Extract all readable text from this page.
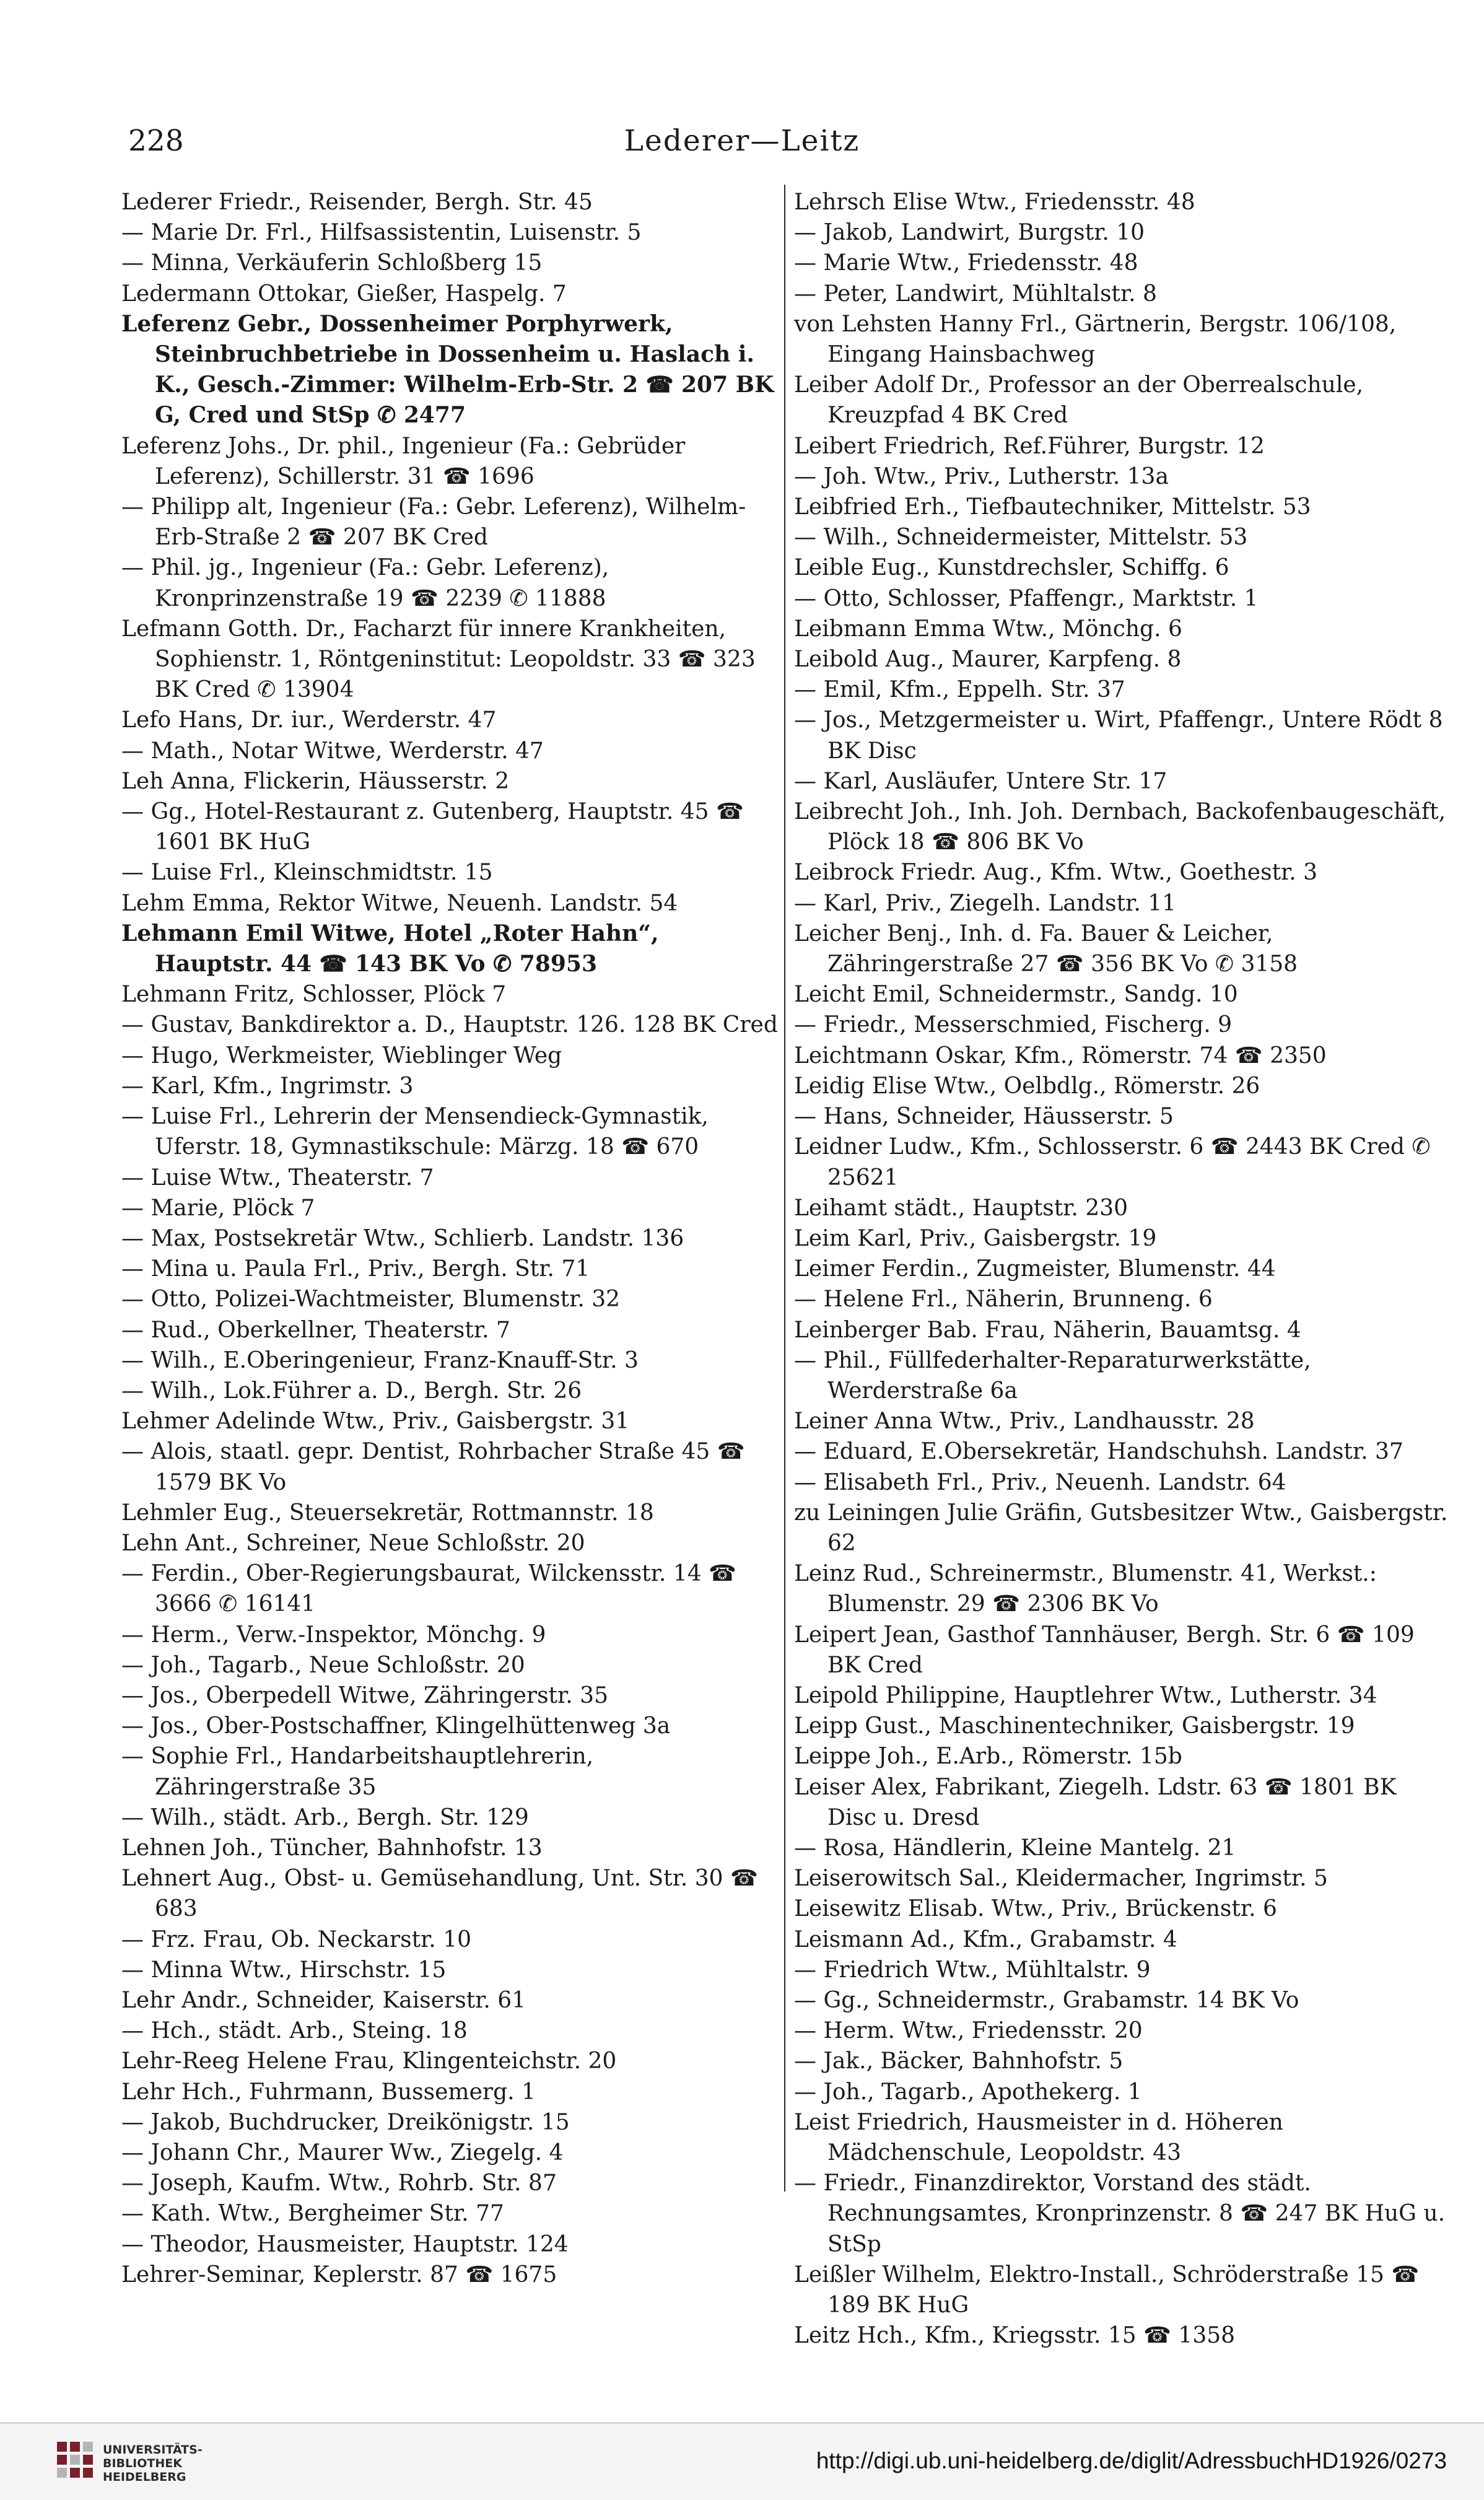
228	Lederer—Leitz

Lederer Friedr., Reisender, Bergh. Str. 45

— Marie Dr. Frl., Hilfsassistentin, Luisenstr. 5

— Minna, Verkäuferin Schloßberg 15

Ledermann Ottokar, Gießer, Haspelg. 7

Leferenz Gebr., Dossenheimer Porphyrwerk, Steinbruchbetriebe in Dossenheim u. Haslach i. K., Gesch.-Zimmer: Wilhelm-Erb-Str. 2 ☎ 207 BK G, Cred und StSp ✆ 2477

Leferenz Johs., Dr. phil., Ingenieur (Fa.: Gebrüder Leferenz), Schillerstr. 31 ☎ 1696

— Philipp alt, Ingenieur (Fa.: Gebr. Leferenz), Wilhelm-Erb-Straße 2 ☎ 207 BK Cred

— Phil. jg., Ingenieur (Fa.: Gebr. Leferenz), Kronprinzenstraße 19 ☎ 2239 ✆ 11888

Lefmann Gotth. Dr., Facharzt für innere Krankheiten, Sophienstr. 1, Röntgeninstitut: Leopoldstr. 33 ☎ 323 BK Cred ✆ 13904

Lefo Hans, Dr. iur., Werderstr. 47

— Math., Notar Witwe, Werderstr. 47

Leh Anna, Flickerin, Häusserstr. 2

— Gg., Hotel-Restaurant z. Gutenberg, Hauptstr. 45 ☎ 1601 BK HuG

— Luise Frl., Kleinschmidtstr. 15

Lehm Emma, Rektor Witwe, Neuenh. Landstr. 54

Lehmann Emil Witwe, Hotel „Roter Hahn“, Hauptstr. 44 ☎ 143 BK Vo ✆ 78953

Lehmann Fritz, Schlosser, Plöck 7

— Gustav, Bankdirektor a. D., Hauptstr. 126. 128 BK Cred

— Hugo, Werkmeister, Wieblinger Weg

— Karl, Kfm., Ingrimstr. 3

— Luise Frl., Lehrerin der Mensendieck-Gymnastik, Uferstr. 18, Gymnastikschule: Märzg. 18 ☎ 670

— Luise Wtw., Theaterstr. 7

— Marie, Plöck 7

— Max, Postsekretär Wtw., Schlierb. Landstr. 136

— Mina u. Paula Frl., Priv., Bergh. Str. 71

— Otto, Polizei-Wachtmeister, Blumenstr. 32

— Rud., Oberkellner, Theaterstr. 7

— Wilh., E.Oberingenieur, Franz-Knauff-Str. 3

— Wilh., Lok.Führer a. D., Bergh. Str. 26

Lehmer Adelinde Wtw., Priv., Gaisbergstr. 31

— Alois, staatl. gepr. Dentist, Rohrbacher Straße 45 ☎ 1579 BK Vo

Lehmler Eug., Steuersekretär, Rottmannstr. 18

Lehn Ant., Schreiner, Neue Schloßstr. 20

— Ferdin., Ober-Regierungsbaurat, Wilckensstr. 14 ☎ 3666 ✆ 16141

— Herm., Verw.-Inspektor, Mönchg. 9

— Joh., Tagarb., Neue Schloßstr. 20

— Jos., Oberpedell Witwe, Zähringerstr. 35

— Jos., Ober-Postschaffner, Klingelhüttenweg 3a

— Sophie Frl., Handarbeitshauptlehrerin, Zähringerstraße 35

— Wilh., städt. Arb., Bergh. Str. 129

Lehnen Joh., Tüncher, Bahnhofstr. 13

Lehnert Aug., Obst- u. Gemüsehandlung, Unt. Str. 30 ☎ 683

— Frz. Frau, Ob. Neckarstr. 10

— Minna Wtw., Hirschstr. 15

Lehr Andr., Schneider, Kaiserstr. 61

— Hch., städt. Arb., Steing. 18

Lehr-Reeg Helene Frau, Klingenteichstr. 20

Lehr Hch., Fuhrmann, Bussemerg. 1

— Jakob, Buchdrucker, Dreikönigstr. 15

— Johann Chr., Maurer Ww., Ziegelg. 4

— Joseph, Kaufm. Wtw., Rohrb. Str. 87

— Kath. Wtw., Bergheimer Str. 77

— Theodor, Hausmeister, Hauptstr. 124

Lehrer-Seminar, Keplerstr. 87 ☎ 1675

Lehrsch Elise Wtw., Friedensstr. 48

— Jakob, Landwirt, Burgstr. 10

— Marie Wtw., Friedensstr. 48

— Peter, Landwirt, Mühltalstr. 8

von Lehsten Hanny Frl., Gärtnerin, Bergstr. 106/108, Eingang Hainsbachweg

Leiber Adolf Dr., Professor an der Oberrealschule, Kreuzpfad 4 BK Cred

Leibert Friedrich, Ref.Führer, Burgstr. 12

— Joh. Wtw., Priv., Lutherstr. 13a

Leibfried Erh., Tiefbautechniker, Mittelstr. 53

— Wilh., Schneidermeister, Mittelstr. 53

Leible Eug., Kunstdrechsler, Schiffg. 6

— Otto, Schlosser, Pfaffengr., Marktstr. 1

Leibmann Emma Wtw., Mönchg. 6

Leibold Aug., Maurer, Karpfeng. 8

— Emil, Kfm., Eppelh. Str. 37

— Jos., Metzgermeister u. Wirt, Pfaffengr., Untere Rödt 8 BK Disc

— Karl, Ausläufer, Untere Str. 17

Leibrecht Joh., Inh. Joh. Dernbach, Backofenbaugeschäft, Plöck 18 ☎ 806 BK Vo

Leibrock Friedr. Aug., Kfm. Wtw., Goethestr. 3

— Karl, Priv., Ziegelh. Landstr. 11

Leicher Benj., Inh. d. Fa. Bauer & Leicher, Zähringerstraße 27 ☎ 356 BK Vo ✆ 3158

Leicht Emil, Schneidermstr., Sandg. 10

— Friedr., Messerschmied, Fischerg. 9

Leichtmann Oskar, Kfm., Römerstr. 74 ☎ 2350

Leidig Elise Wtw., Oelbdlg., Römerstr. 26

— Hans, Schneider, Häusserstr. 5

Leidner Ludw., Kfm., Schlosserstr. 6 ☎ 2443 BK Cred ✆ 25621

Leihamt städt., Hauptstr. 230

Leim Karl, Priv., Gaisbergstr. 19

Leimer Ferdin., Zugmeister, Blumenstr. 44

— Helene Frl., Näherin, Brunneng. 6

Leinberger Bab. Frau, Näherin, Bauamtsg. 4

— Phil., Füllfederhalter-Reparaturwerkstätte, Werderstraße 6a

Leiner Anna Wtw., Priv., Landhausstr. 28

— Eduard, E.Obersekretär, Handschuhsh. Landstr. 37

— Elisabeth Frl., Priv., Neuenh. Landstr. 64

zu Leiningen Julie Gräfin, Gutsbesitzer Wtw., Gaisbergstr. 62

Leinz Rud., Schreinermstr., Blumenstr. 41, Werkst.: Blumenstr. 29 ☎ 2306 BK Vo

Leipert Jean, Gasthof Tannhäuser, Bergh. Str. 6 ☎ 109 BK Cred

Leipold Philippine, Hauptlehrer Wtw., Lutherstr. 34

Leipp Gust., Maschinentechniker, Gaisbergstr. 19

Leippe Joh., E.Arb., Römerstr. 15b

Leiser Alex, Fabrikant, Ziegelh. Ldstr. 63 ☎ 1801 BK Disc u. Dresd

— Rosa, Händlerin, Kleine Mantelg. 21

Leiserowitsch Sal., Kleidermacher, Ingrimstr. 5

Leisewitz Elisab. Wtw., Priv., Brückenstr. 6

Leismann Ad., Kfm., Grabamstr. 4

— Friedrich Wtw., Mühltalstr. 9

— Gg., Schneidermstr., Grabamstr. 14 BK Vo

— Herm. Wtw., Friedensstr. 20

— Jak., Bäcker, Bahnhofstr. 5

— Joh., Tagarb., Apothekerg. 1

Leist Friedrich, Hausmeister in d. Höheren Mädchenschule, Leopoldstr. 43

— Friedr., Finanzdirektor, Vorstand des städt. Rechnungsamtes, Kronprinzenstr. 8 ☎ 247 BK HuG u. StSp

Leißler Wilhelm, Elektro-Install., Schröderstraße 15 ☎ 189 BK HuG

Leitz Hch., Kfm., Kriegsstr. 15 ☎ 1358

UNIVERSITÄTS-
BIBLIOTHEK
HEIDELBERG
http://digi.ub.uni-heidelberg.de/diglit/AdressbuchHD1926/0273
